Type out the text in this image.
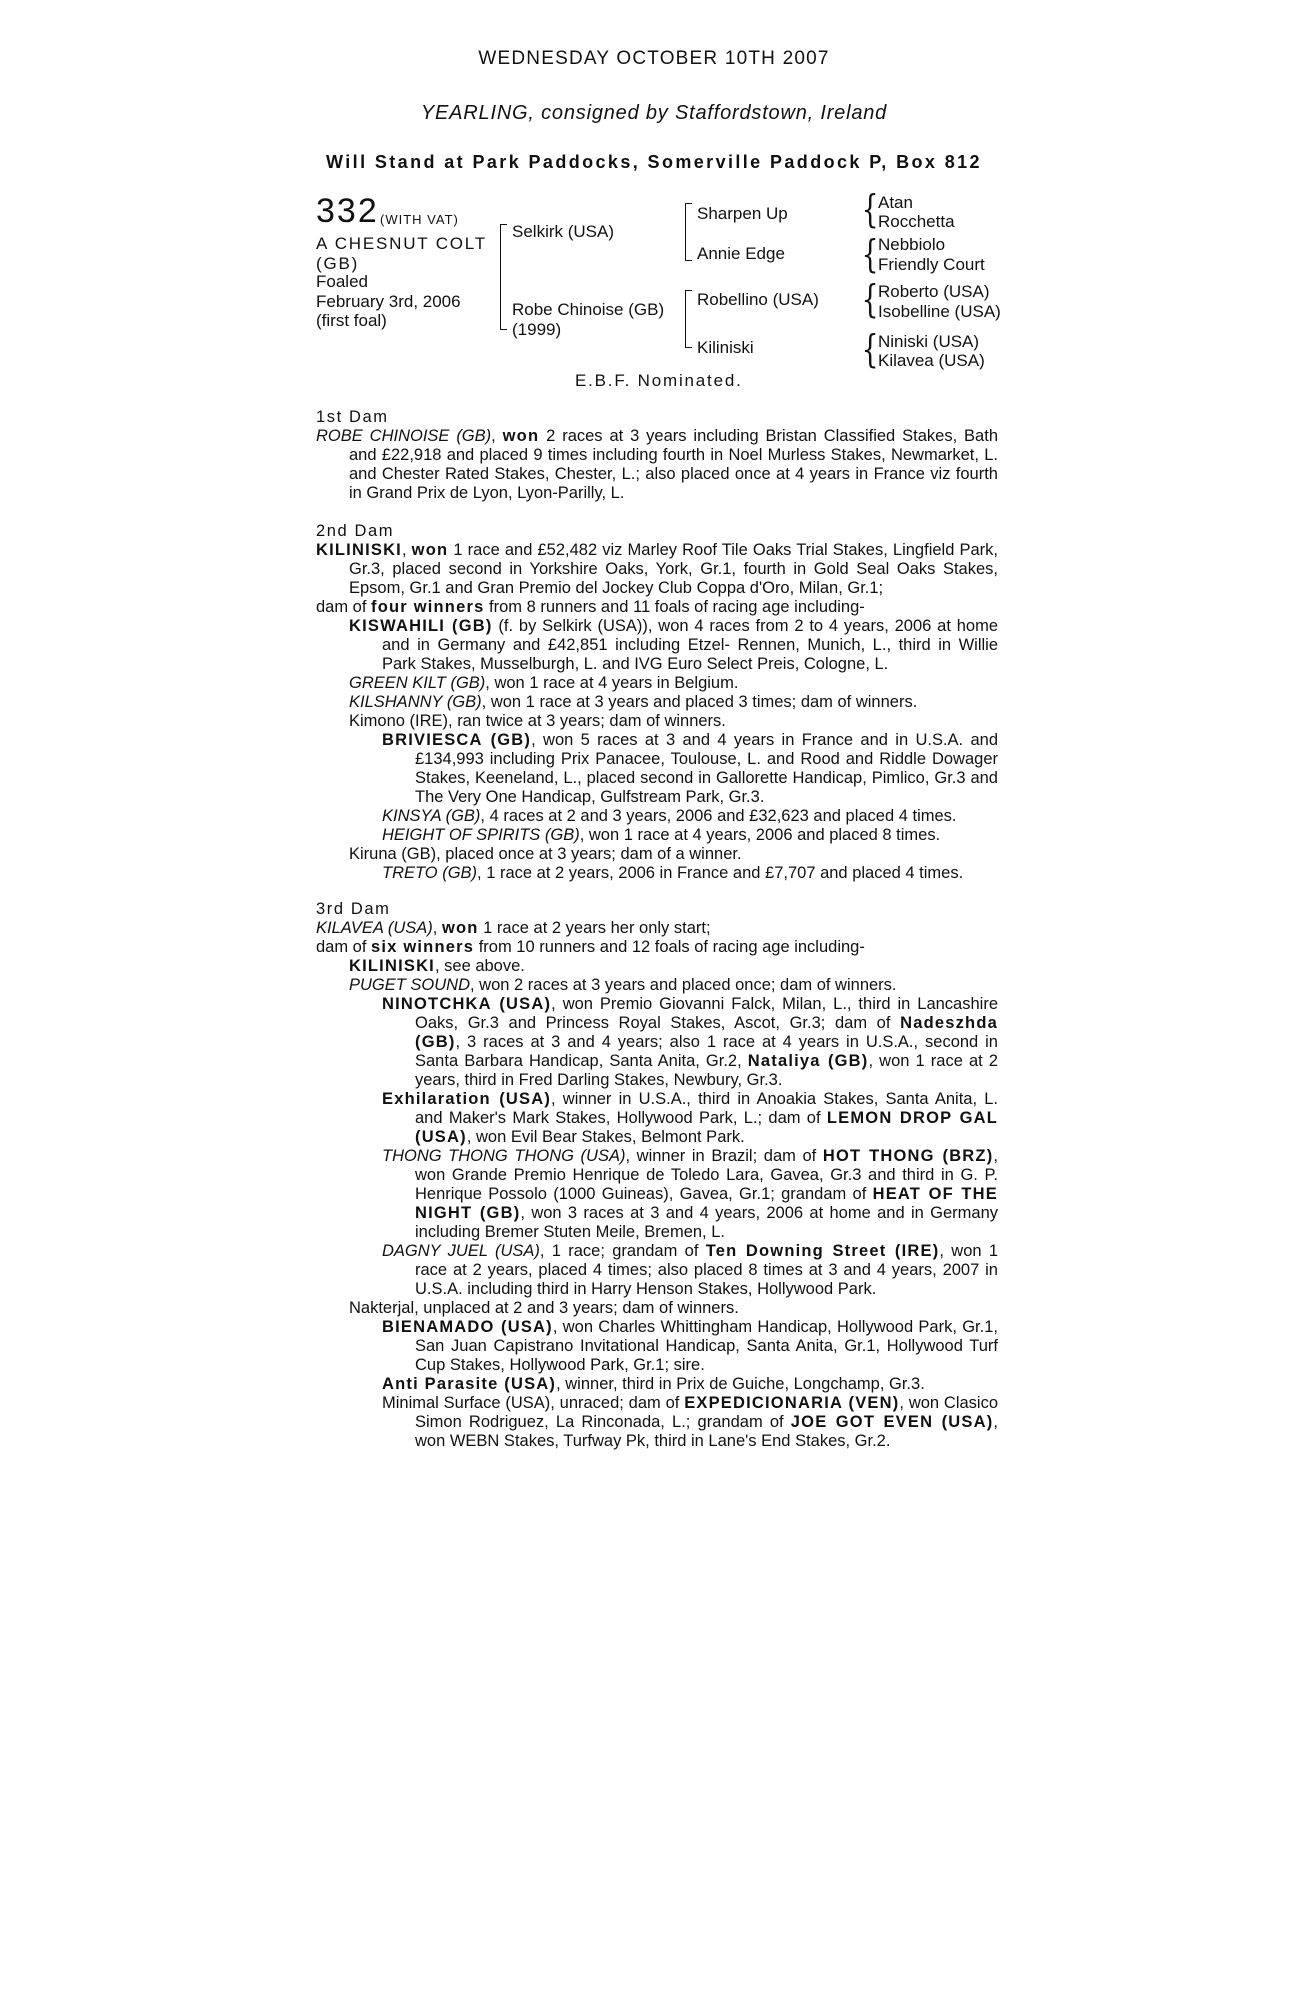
WEDNESDAY OCTOBER 10TH 2007
YEARLING, consigned by Staffordstown, Ireland
Will Stand at Park Paddocks, Somerville Paddock P, Box 812
332 (WITH VAT)
A CHESNUT COLT
(GB)
Foaled
February 3rd, 2006
(first foal)
Selkirk (USA)
Robe Chinoise (GB)
(1999)
Sharpen Up
Annie Edge
Robellino (USA)
Kiliniski
{ Atan
Rocchetta
{ Nebbiolo
Friendly Court
{ Roberto (USA)
Isobelline (USA)
{ Niniski (USA)
Kilavea (USA)
E.B.F. Nominated.

1st Dam

ROBE CHINOISE (GB), won 2 races at 3 years including Bristan Classified Stakes, Bath and £22,918 and placed 9 times including fourth in Noel Murless Stakes, Newmarket, L. and Chester Rated Stakes, Chester, L.; also placed once at 4 years in France viz fourth in Grand Prix de Lyon, Lyon-Parilly, L.

2nd Dam

KILINISKI, won 1 race and £52,482 viz Marley Roof Tile Oaks Trial Stakes, Lingfield Park, Gr.3, placed second in Yorkshire Oaks, York, Gr.1, fourth in Gold Seal Oaks Stakes, Epsom, Gr.1 and Gran Premio del Jockey Club Coppa d'Oro, Milan, Gr.1;

dam of four winners from 8 runners and 11 foals of racing age including-

KISWAHILI (GB) (f. by Selkirk (USA)), won 4 races from 2 to 4 years, 2006 at home and in Germany and £42,851 including Etzel- Rennen, Munich, L., third in Willie Park Stakes, Musselburgh, L. and IVG Euro Select Preis, Cologne, L.

GREEN KILT (GB), won 1 race at 4 years in Belgium.

KILSHANNY (GB), won 1 race at 3 years and placed 3 times; dam of winners.

Kimono (IRE), ran twice at 3 years; dam of winners.

BRIVIESCA (GB), won 5 races at 3 and 4 years in France and in U.S.A. and £134,993 including Prix Panacee, Toulouse, L. and Rood and Riddle Dowager Stakes, Keeneland, L., placed second in Gallorette Handicap, Pimlico, Gr.3 and The Very One Handicap, Gulfstream Park, Gr.3.

KINSYA (GB), 4 races at 2 and 3 years, 2006 and £32,623 and placed 4 times.

HEIGHT OF SPIRITS (GB), won 1 race at 4 years, 2006 and placed 8 times.

Kiruna (GB), placed once at 3 years; dam of a winner.

TRETO (GB), 1 race at 2 years, 2006 in France and £7,707 and placed 4 times.

3rd Dam

KILAVEA (USA), won 1 race at 2 years her only start;

dam of six winners from 10 runners and 12 foals of racing age including-

KILINISKI, see above.

PUGET SOUND, won 2 races at 3 years and placed once; dam of winners.

NINOTCHKA (USA), won Premio Giovanni Falck, Milan, L., third in Lancashire Oaks, Gr.3 and Princess Royal Stakes, Ascot, Gr.3; dam of Nadeszhda (GB), 3 races at 3 and 4 years; also 1 race at 4 years in U.S.A., second in Santa Barbara Handicap, Santa Anita, Gr.2, Nataliya (GB), won 1 race at 2 years, third in Fred Darling Stakes, Newbury, Gr.3.

Exhilaration (USA), winner in U.S.A., third in Anoakia Stakes, Santa Anita, L. and Maker's Mark Stakes, Hollywood Park, L.; dam of LEMON DROP GAL (USA), won Evil Bear Stakes, Belmont Park.

THONG THONG THONG (USA), winner in Brazil; dam of HOT THONG (BRZ), won Grande Premio Henrique de Toledo Lara, Gavea, Gr.3 and third in G. P. Henrique Possolo (1000 Guineas), Gavea, Gr.1; grandam of HEAT OF THE NIGHT (GB), won 3 races at 3 and 4 years, 2006 at home and in Germany including Bremer Stuten Meile, Bremen, L.

DAGNY JUEL (USA), 1 race; grandam of Ten Downing Street (IRE), won 1 race at 2 years, placed 4 times; also placed 8 times at 3 and 4 years, 2007 in U.S.A. including third in Harry Henson Stakes, Hollywood Park.

Nakterjal, unplaced at 2 and 3 years; dam of winners.

BIENAMADO (USA), won Charles Whittingham Handicap, Hollywood Park, Gr.1, San Juan Capistrano Invitational Handicap, Santa Anita, Gr.1, Hollywood Turf Cup Stakes, Hollywood Park, Gr.1; sire.

Anti Parasite (USA), winner, third in Prix de Guiche, Longchamp, Gr.3.

Minimal Surface (USA), unraced; dam of EXPEDICIONARIA (VEN), won Clasico Simon Rodriguez, La Rinconada, L.; grandam of JOE GOT EVEN (USA), won WEBN Stakes, Turfway Pk, third in Lane's End Stakes, Gr.2.
